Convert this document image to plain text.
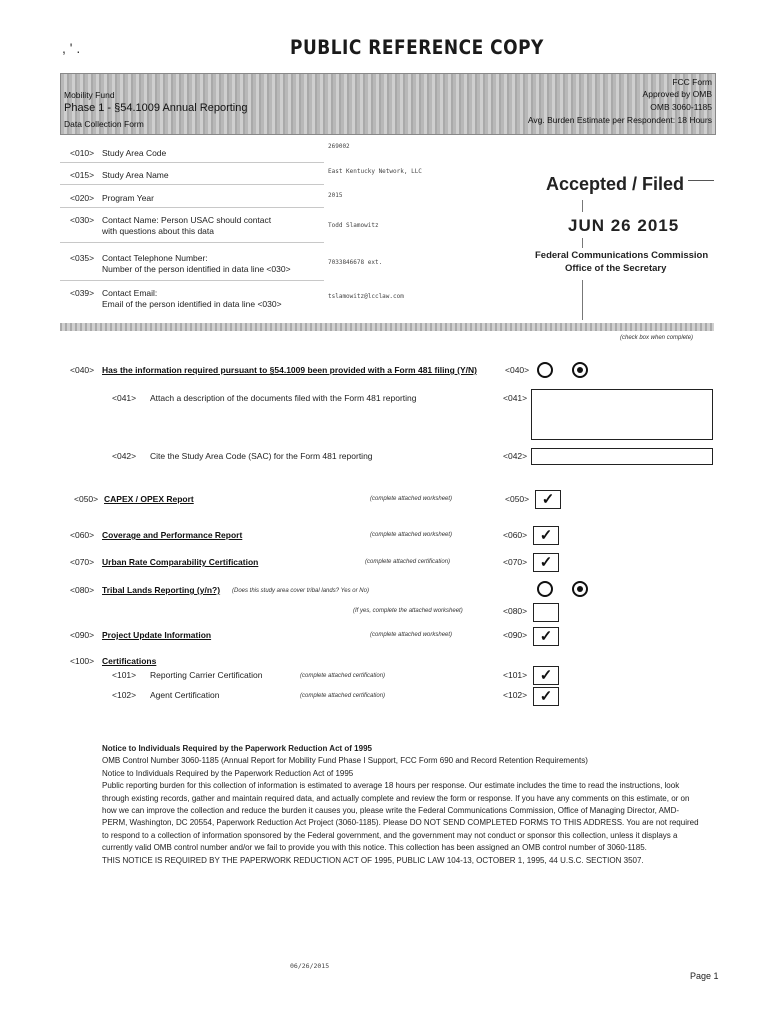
, ' .	PUBLIC REFERENCE COPY
Mobility Fund
Phase 1 - §54.1009 Annual Reporting
Data Collection Form
FCC Form
Approved by OMB
OMB 3060-1185
Avg. Burden Estimate per Respondent: 18 Hours
<010> Study Area Code
269002
<015> Study Area Name	East Kentucky Network, LLC
<020> Program Year	2015
<030> Contact Name: Person USAC should contact
with questions about this data
Todd Slamowitz
<035> Contact Telephone Number:
Number of the person identified in data line <030>
7033846678 ext.
<039> Contact Email:
Email of the person identified in data line <030>
tslamowitz@lcclaw.com
Accepted / Filed
JUN 26 2015
Federal Communications Commission
Office of the Secretary
(check box when complete)
<040> Has the information required pursuant to §54.1009 been provided with a Form 481 filing (Y/N)	<040>
<041> Attach a description of the documents filed with the Form 481 reporting	<041>
<042> Cite the Study Area Code (SAC) for the Form 481 reporting	<042>
<050> CAPEX / OPEX Report	(complete attached worksheet)	<050> ✓
<060> Coverage and Performance Report	(complete attached worksheet)	<060> ✓
<070> Urban Rate Comparability Certification	(complete attached certification)	<070> ✓
<080> Tribal Lands Reporting (y/n?) (Does this study area cover tribal lands? Yes or No)
(If yes, complete the attached worksheet)	<080>
<090> Project Update Information	(complete attached worksheet)	<090> ✓
<100> Certifications
<101> Reporting Carrier Certification	(complete attached certification)	<101> ✓
<102> Agent Certification	(complete attached certification)	<102> ✓

Notice to Individuals Required by the Paperwork Reduction Act of 1995

OMB Control Number 3060-1185 (Annual Report for Mobility Fund Phase I Support, FCC Form 690 and Record Retention Requirements)

Notice to Individuals Required by the Paperwork Reduction Act of 1995

Public reporting burden for this collection of information is estimated to average 18 hours per response. Our estimate includes the time to read the instructions, look through existing records, gather and maintain required data, and actually complete and review the form or response. If you have any comments on this estimate, or on how we can improve the collection and reduce the burden it causes you, please write the Federal Communications Commission, Office of Managing Director, AMD-PERM, Washington, DC 20554, Paperwork Reduction Act Project (3060-1185). Please DO NOT SEND COMPLETED FORMS TO THIS ADDRESS. You are not required to respond to a collection of information sponsored by the Federal government, and the government may not conduct or sponsor this collection, unless it displays a currently valid OMB control number and/or we fail to provide you with this notice. This collection has been assigned an OMB control number of 3060-1185.

THIS NOTICE IS REQUIRED BY THE PAPERWORK REDUCTION ACT OF 1995, PUBLIC LAW 104-13, OCTOBER 1, 1995, 44 U.S.C. SECTION 3507.

06/26/2015
Page 1
